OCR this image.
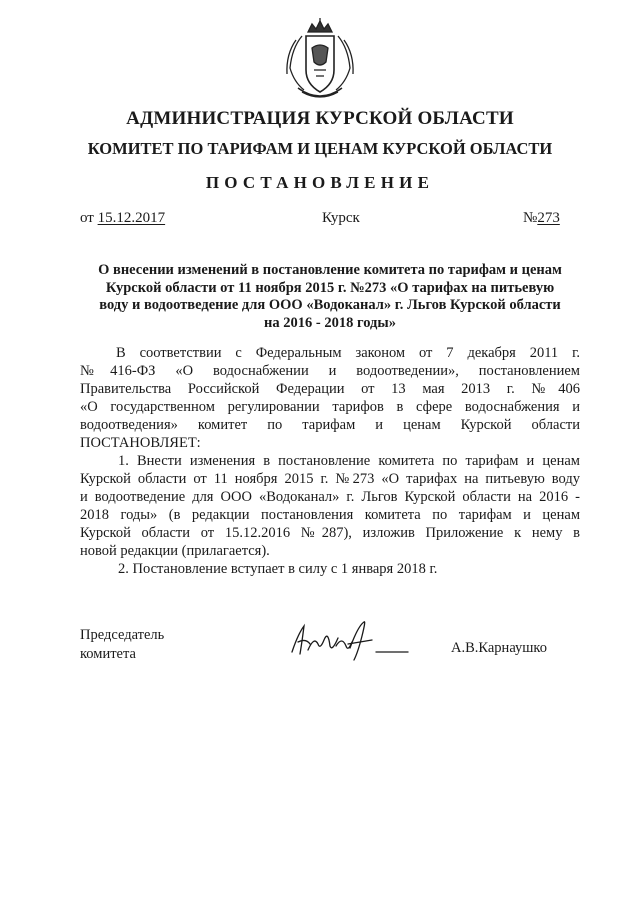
АДМИНИСТРАЦИЯ КУРСКОЙ ОБЛАСТИ
КОМИТЕТ ПО ТАРИФАМ И ЦЕНАМ КУРСКОЙ ОБЛАСТИ
ПОСТАНОВЛЕНИЕ
от 15.12.2017	Курск	№273
О внесении изменений в постановление комитета по тарифам и ценам
Курской области от 11 ноября 2015 г. №273 «О тарифах на питьевую
воду и водоотведение для ООО «Водоканал» г. Льгов Курской области
на 2016 - 2018 годы»
В соответствии с Федеральным законом от 7 декабря 2011 г.
№416-ФЗ «О водоснабжении и водоотведении», постановлением
Правительства Российской Федерации от 13 мая 2013 г. №406
«О государственном регулировании тарифов в сфере водоснабжения и
водоотведения» комитет по тарифам и ценам Курской области
ПОСТАНОВЛЯЕТ:
1. Внести изменения в постановление комитета по тарифам и ценам
Курской области от 11 ноября 2015 г. №273 «О тарифах на питьевую воду
и водоотведение для ООО «Водоканал» г. Льгов Курской области на 2016 -
2018 годы» (в редакции постановления комитета по тарифам и ценам
Курской области от 15.12.2016 №287), изложив Приложение к нему в
новой редакции (прилагается).
2. Постановление вступает в силу с 1 января 2018 г.
Председатель
комитета	А.В.Карнаушко
